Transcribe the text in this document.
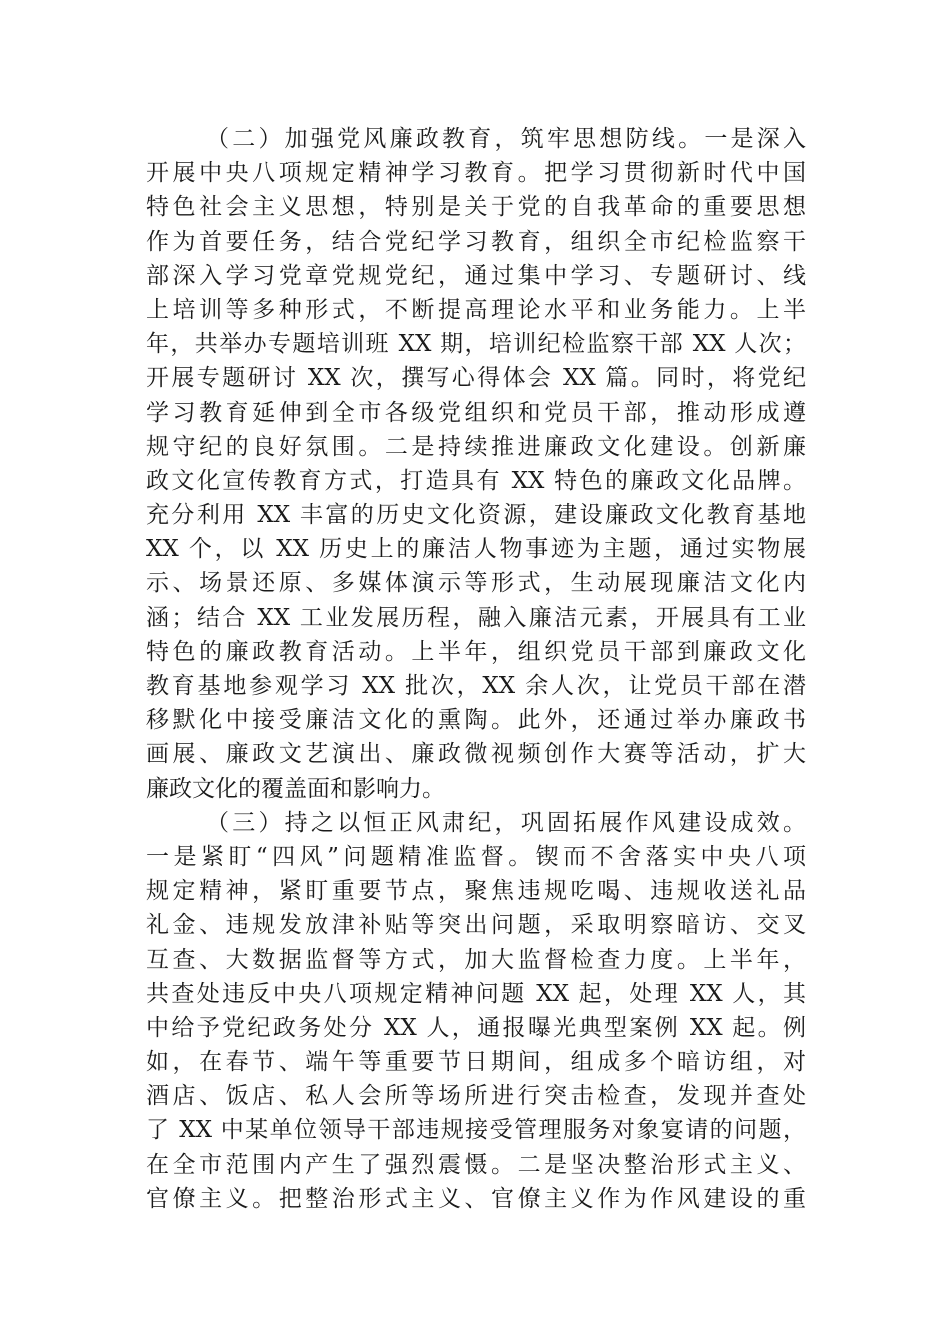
（二）加强党风廉政教育，筑牢思想防线。一是深入
开展中央八项规定精神学习教育。把学习贯彻新时代中国
特色社会主义思想，特别是关于党的自我革命的重要思想
作为首要任务，结合党纪学习教育，组织全市纪检监察干
部深入学习党章党规党纪，通过集中学习、专题研讨、线
上培训等多种形式，不断提高理论水平和业务能力。上半
年，共举办专题培训班 XX 期，培训纪检监察干部 XX 人次；
开展专题研讨 XX 次，撰写心得体会 XX 篇。同时，将党纪
学习教育延伸到全市各级党组织和党员干部，推动形成遵
规守纪的良好氛围。二是持续推进廉政文化建设。创新廉
政文化宣传教育方式，打造具有 XX 特色的廉政文化品牌。
充分利用 XX 丰富的历史文化资源，建设廉政文化教育基地
XX 个，以 XX 历史上的廉洁人物事迹为主题，通过实物展
示、场景还原、多媒体演示等形式，生动展现廉洁文化内
涵；结合 XX 工业发展历程，融入廉洁元素，开展具有工业
特色的廉政教育活动。上半年，组织党员干部到廉政文化
教育基地参观学习 XX 批次，XX 余人次，让党员干部在潜
移默化中接受廉洁文化的熏陶。此外，还通过举办廉政书
画展、廉政文艺演出、廉政微视频创作大赛等活动，扩大
廉政文化的覆盖面和影响力。
（三）持之以恒正风肃纪，巩固拓展作风建设成效。
一是紧盯“四风”问题精准监督。锲而不舍落实中央八项
规定精神，紧盯重要节点，聚焦违规吃喝、违规收送礼品
礼金、违规发放津补贴等突出问题，采取明察暗访、交叉
互查、大数据监督等方式，加大监督检查力度。上半年，
共查处违反中央八项规定精神问题 XX 起，处理 XX 人，其
中给予党纪政务处分 XX 人，通报曝光典型案例 XX 起。例
如，在春节、端午等重要节日期间，组成多个暗访组，对
酒店、饭店、私人会所等场所进行突击检查，发现并查处
了 XX 中某单位领导干部违规接受管理服务对象宴请的问题，
在全市范围内产生了强烈震慑。二是坚决整治形式主义、
官僚主义。把整治形式主义、官僚主义作为作风建设的重
